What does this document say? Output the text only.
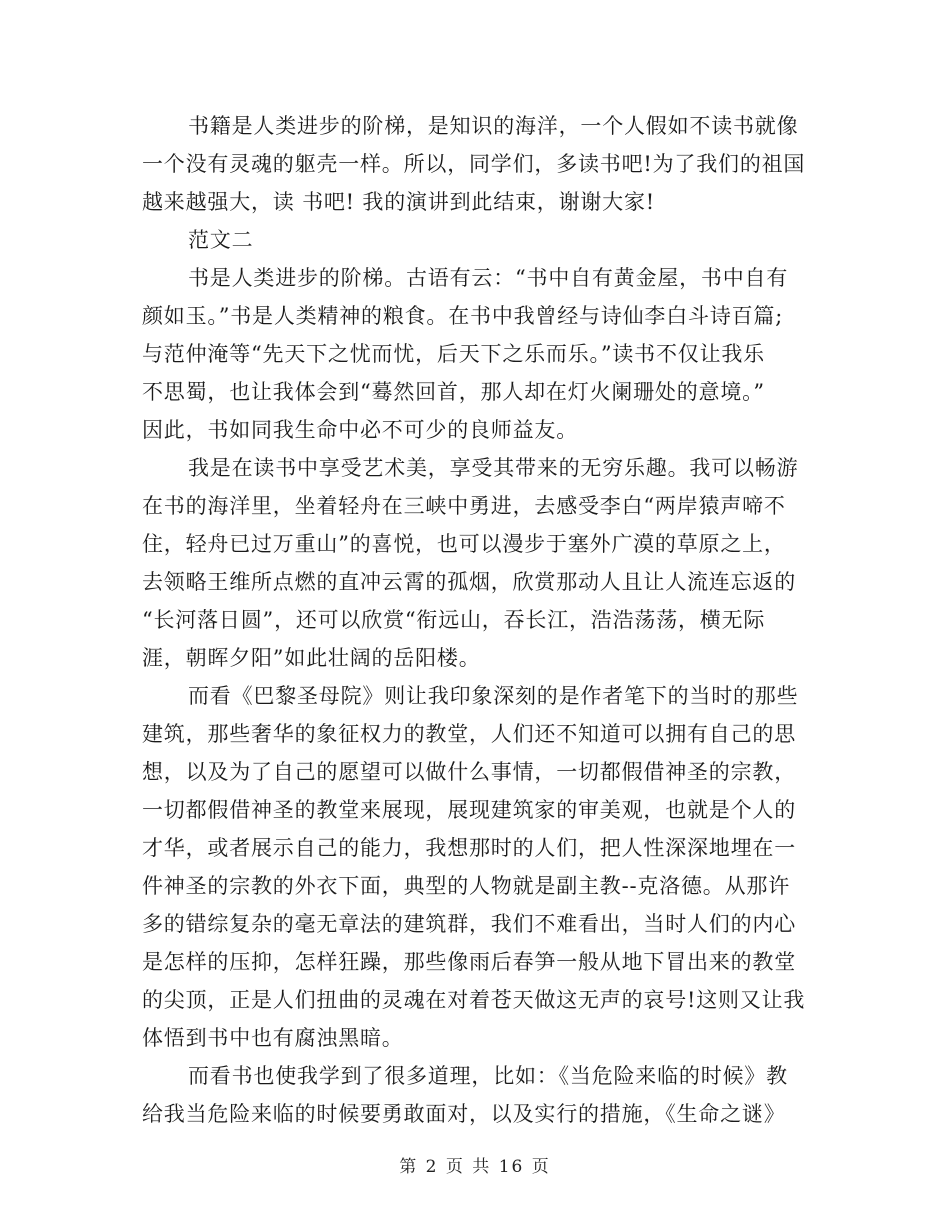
书籍是人类进步的阶梯，是知识的海洋，一个人假如不读书就像
一个没有灵魂的躯壳一样。所以，同学们，多读书吧!为了我们的祖国
越来越强大，读 书吧! 我的演讲到此结束，谢谢大家!
范文二
书是人类进步的阶梯。古语有云：“书中自有黄金屋，书中自有
颜如玉。”书是人类精神的粮食。在书中我曾经与诗仙李白斗诗百篇;
与范仲淹等“先天下之忧而忧，后天下之乐而乐。”读书不仅让我乐
不思蜀，也让我体会到“蓦然回首，那人却在灯火阑珊处的意境。”
因此，书如同我生命中必不可少的良师益友。
我是在读书中享受艺术美，享受其带来的无穷乐趣。我可以畅游
在书的海洋里，坐着轻舟在三峡中勇进，去感受李白“两岸猿声啼不
住，轻舟已过万重山”的喜悦，也可以漫步于塞外广漠的草原之上，
去领略王维所点燃的直冲云霄的孤烟，欣赏那动人且让人流连忘返的
“长河落日圆”，还可以欣赏“衔远山，吞长江，浩浩荡荡，横无际
涯，朝晖夕阳”如此壮阔的岳阳楼。
而看《巴黎圣母院》则让我印象深刻的是作者笔下的当时的那些
建筑，那些奢华的象征权力的教堂，人们还不知道可以拥有自己的思
想，以及为了自己的愿望可以做什么事情，一切都假借神圣的宗教，
一切都假借神圣的教堂来展现，展现建筑家的审美观，也就是个人的
才华，或者展示自己的能力，我想那时的人们，把人性深深地埋在一
件神圣的宗教的外衣下面，典型的人物就是副主教--克洛德。从那许
多的错综复杂的毫无章法的建筑群，我们不难看出，当时人们的内心
是怎样的压抑，怎样狂躁，那些像雨后春笋一般从地下冒出来的教堂
的尖顶，正是人们扭曲的灵魂在对着苍天做这无声的哀号!这则又让我
体悟到书中也有腐浊黑暗。
而看书也使我学到了很多道理，比如：《当危险来临的时候》教
给我当危险来临的时候要勇敢面对，以及实行的措施，《生命之谜》
第 2 页 共 16 页
